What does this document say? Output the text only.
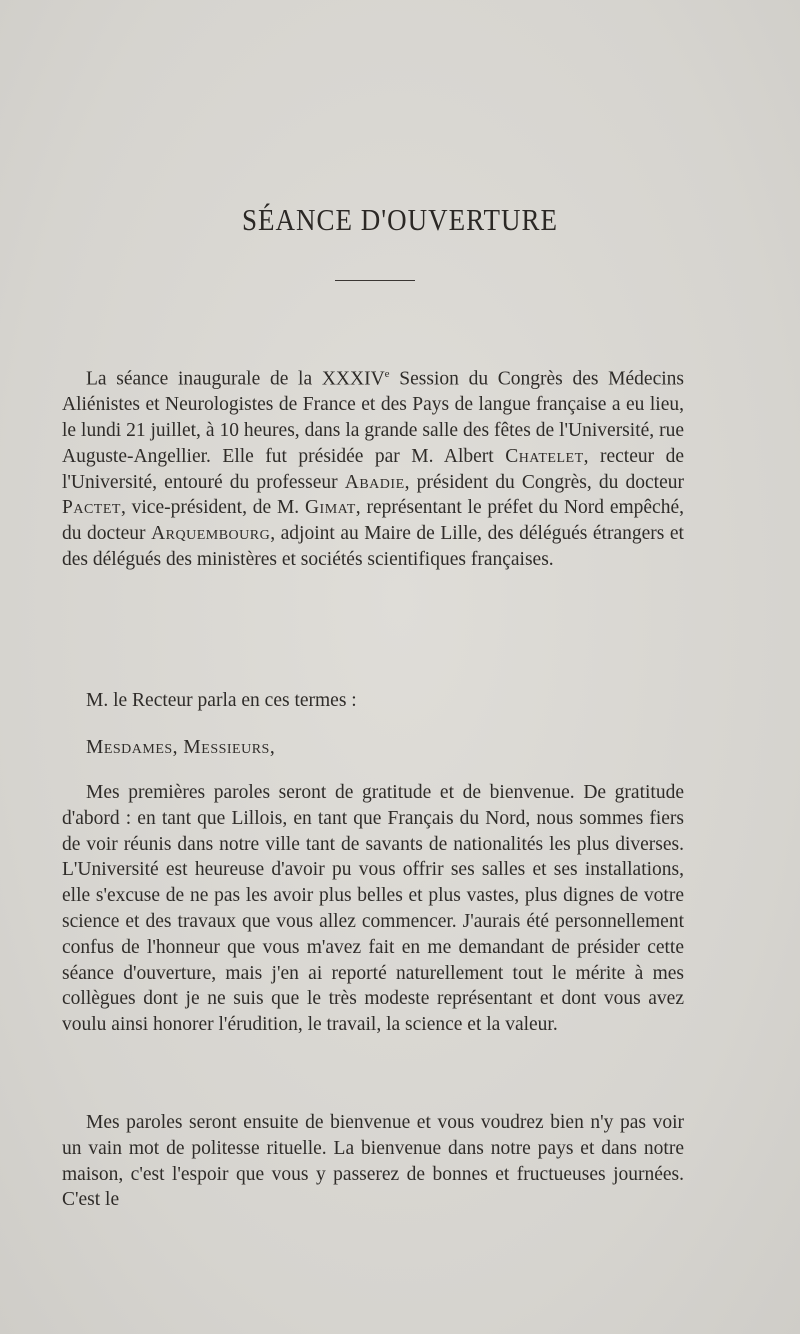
SÉANCE D'OUVERTURE

La séance inaugurale de la XXXIVe Session du Congrès des Médecins Aliénistes et Neurologistes de France et des Pays de langue française a eu lieu, le lundi 21 juillet, à 10 heures, dans la grande salle des fêtes de l'Université, rue Auguste-Angellier. Elle fut présidée par M. Albert Chatelet, recteur de l'Université, entouré du professeur Abadie, président du Congrès, du docteur Pactet, vice-président, de M. Gimat, représentant le préfet du Nord empêché, du docteur Arquembourg, adjoint au Maire de Lille, des délégués étrangers et des délégués des ministères et sociétés scientifiques françaises.

M. le Recteur parla en ces termes :

Mesdames, Messieurs,

Mes premières paroles seront de gratitude et de bienvenue. De gratitude d'abord : en tant que Lillois, en tant que Français du Nord, nous sommes fiers de voir réunis dans notre ville tant de savants de nationalités les plus diverses. L'Université est heureuse d'avoir pu vous offrir ses salles et ses installations, elle s'excuse de ne pas les avoir plus belles et plus vastes, plus dignes de votre science et des travaux que vous allez commencer. J'aurais été personnellement confus de l'honneur que vous m'avez fait en me demandant de présider cette séance d'ouverture, mais j'en ai reporté naturellement tout le mérite à mes collègues dont je ne suis que le très modeste représentant et dont vous avez voulu ainsi honorer l'érudition, le travail, la science et la valeur.

Mes paroles seront ensuite de bienvenue et vous voudrez bien n'y pas voir un vain mot de politesse rituelle. La bienvenue dans notre pays et dans notre maison, c'est l'espoir que vous y passerez de bonnes et fructueuses journées. C'est le
